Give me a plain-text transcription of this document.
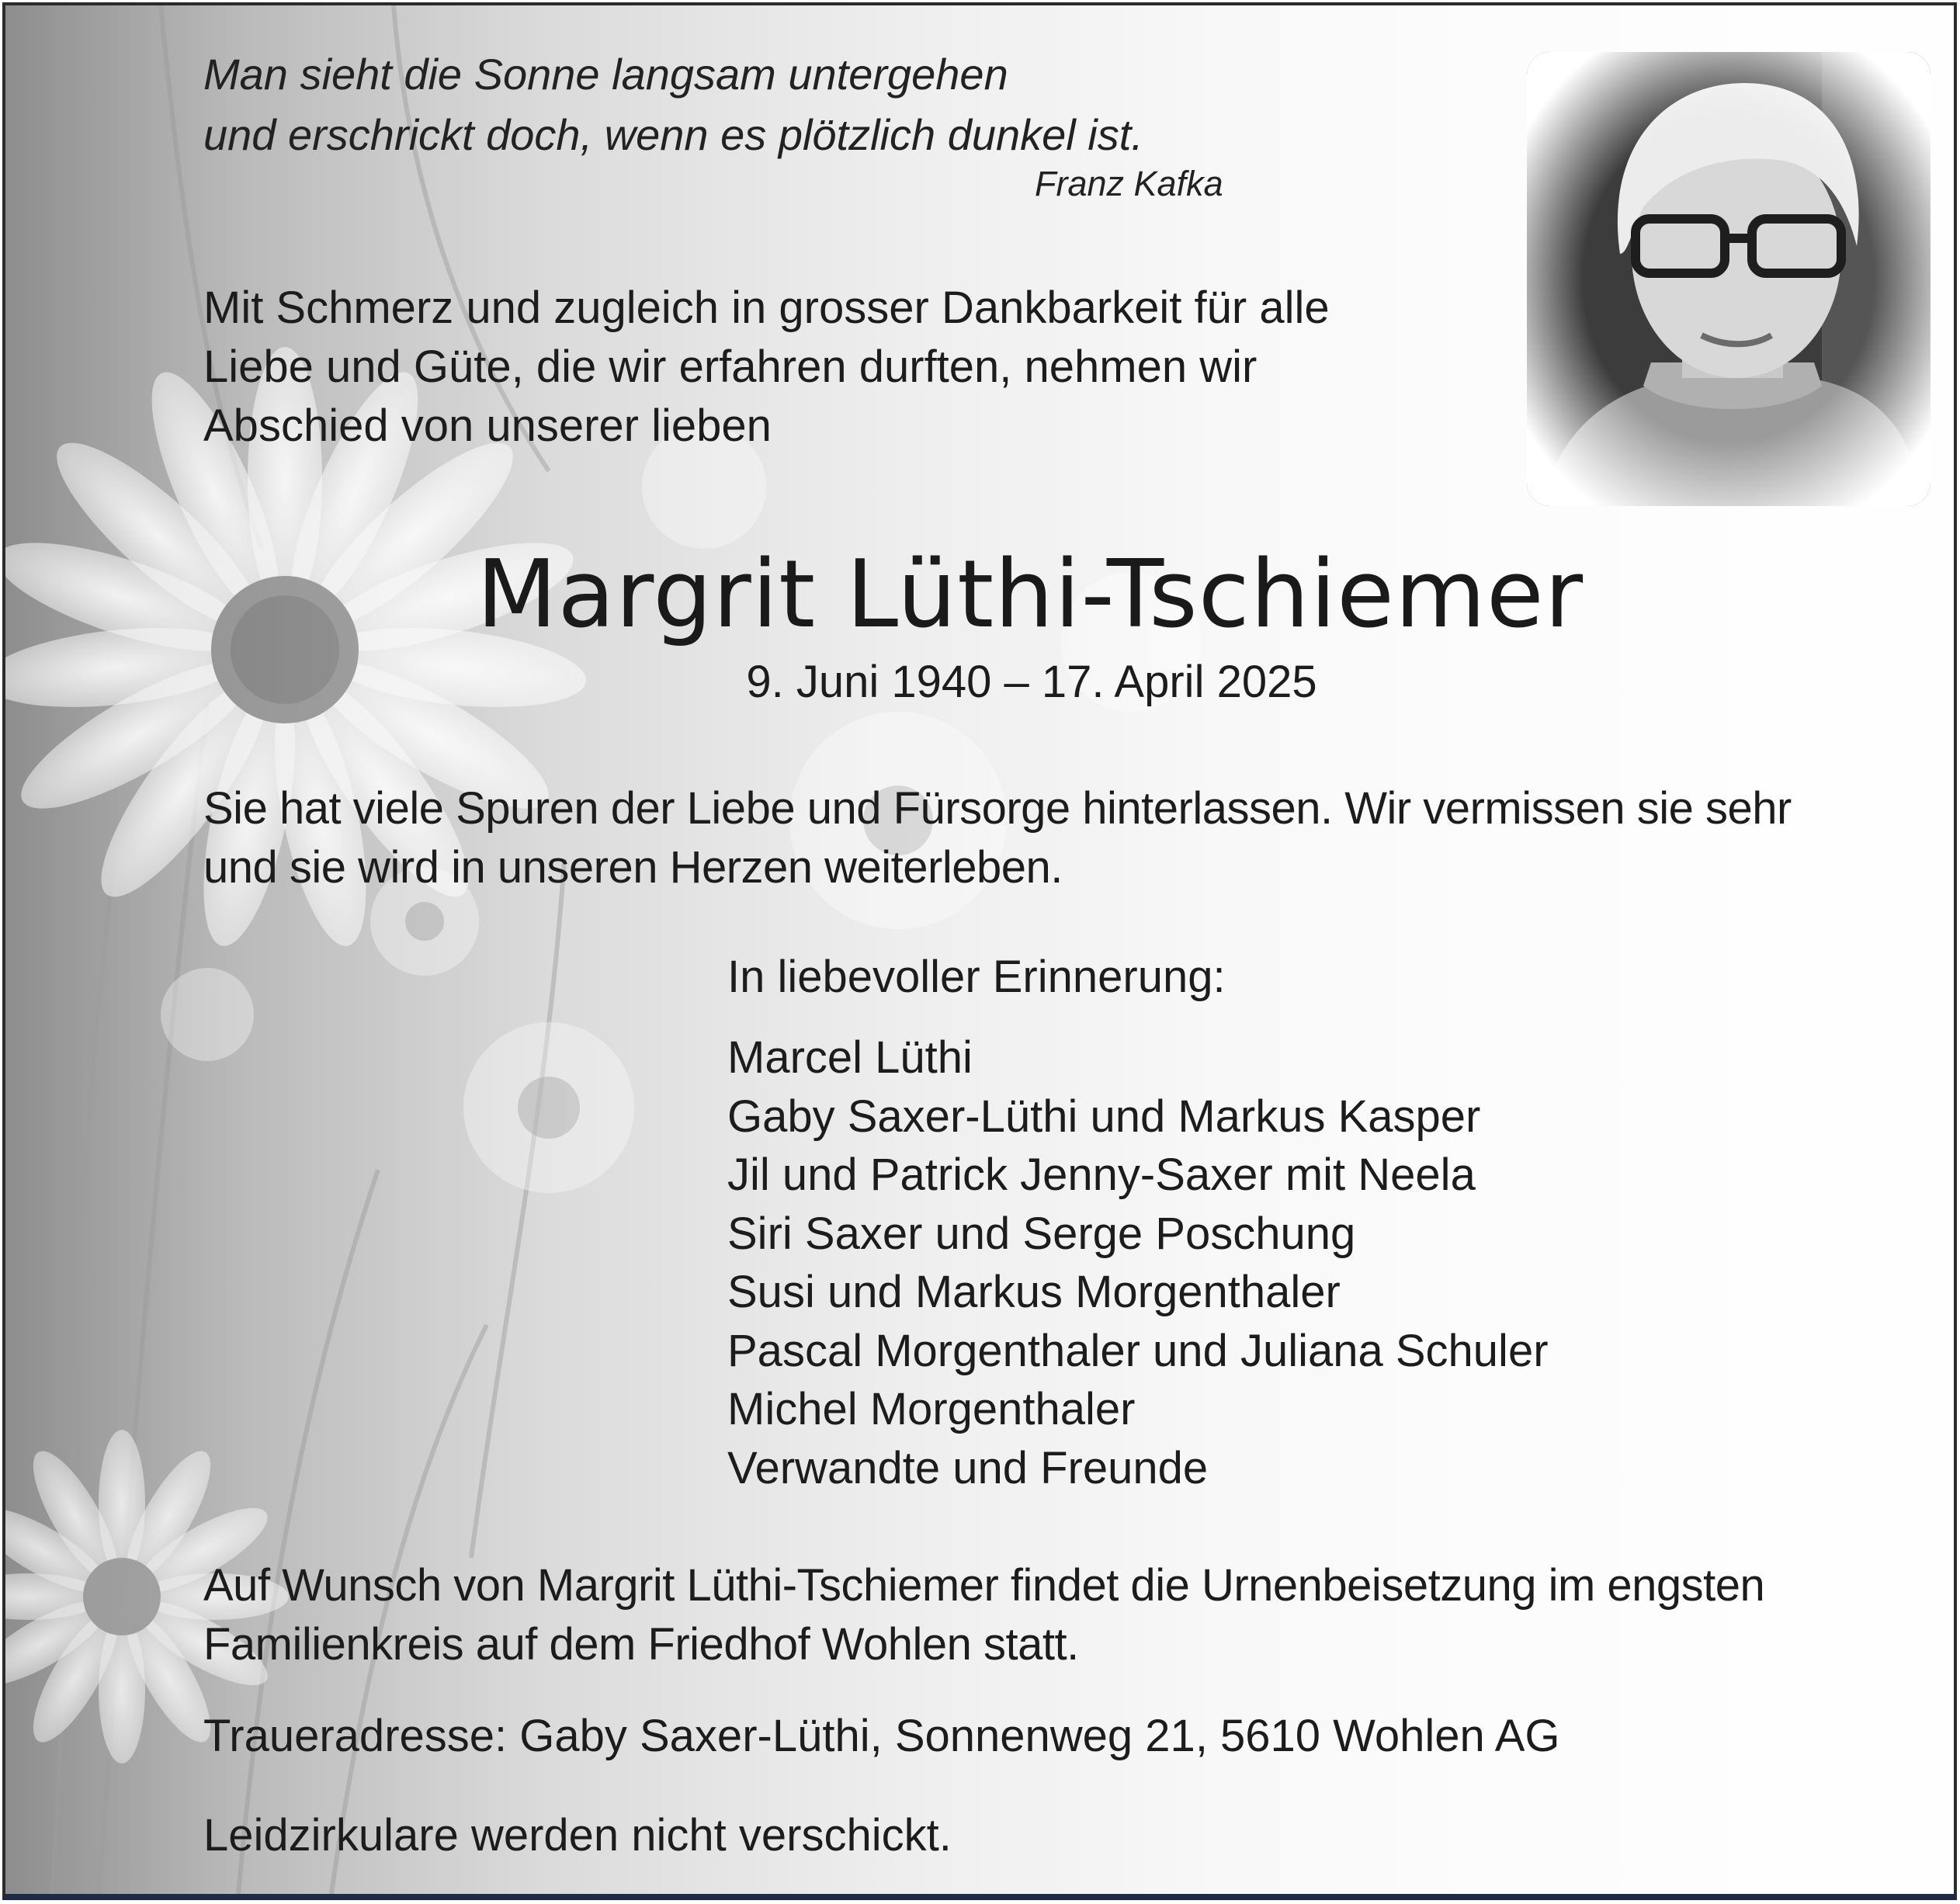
Man sieht die Sonne langsam untergehen
und erschrickt doch, wenn es plötzlich dunkel ist.

Franz Kafka

Mit Schmerz und zugleich in grosser Dankbarkeit für alle
Liebe und Güte, die wir erfahren durften, nehmen wir
Abschied von unserer lieben

Margrit Lüthi-Tschiemer

9. Juni 1940 – 17. April 2025

Sie hat viele Spuren der Liebe und Fürsorge hinterlassen. Wir vermissen sie sehr
und sie wird in unseren Herzen weiterleben.

In liebevoller Erinnerung:

Marcel Lüthi
Gaby Saxer-Lüthi und Markus Kasper
Jil und Patrick Jenny-Saxer mit Neela
Siri Saxer und Serge Poschung
Susi und Markus Morgenthaler
Pascal Morgenthaler und Juliana Schuler
Michel Morgenthaler
Verwandte und Freunde

Auf Wunsch von Margrit Lüthi-Tschiemer findet die Urnenbeisetzung im engsten
Familienkreis auf dem Friedhof Wohlen statt.

Traueradresse: Gaby Saxer-Lüthi, Sonnenweg 21, 5610 Wohlen AG

Leidzirkulare werden nicht verschickt.
